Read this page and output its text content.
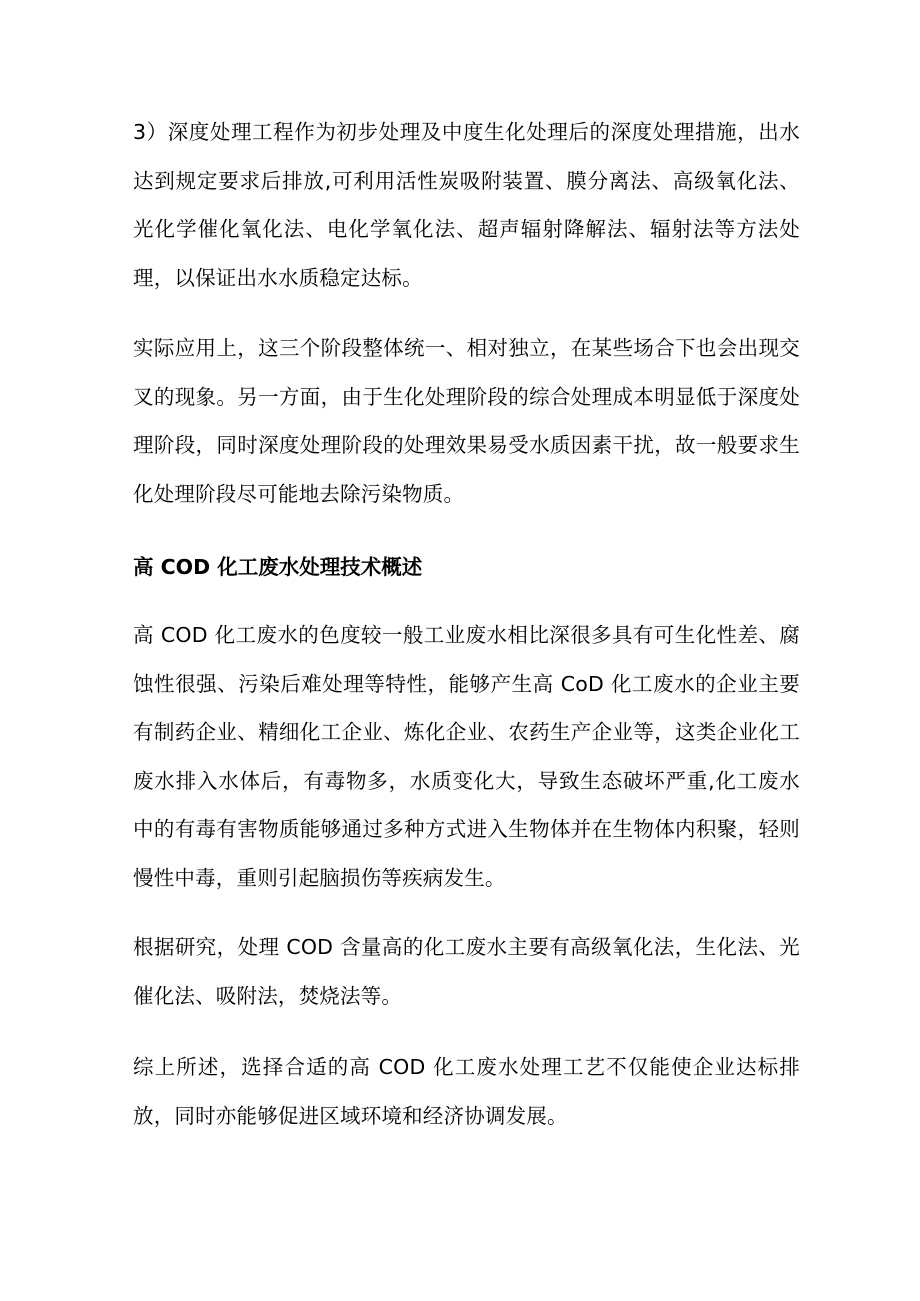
3）深度处理工程作为初步处理及中度生化处理后的深度处理措施，出水达到规定要求后排放,可利用活性炭吸附装置、膜分离法、高级氧化法、光化学催化氧化法、电化学氧化法、超声辐射降解法、辐射法等方法处理，以保证出水水质稳定达标。

实际应用上，这三个阶段整体统一、相对独立，在某些场合下也会出现交叉的现象。另一方面，由于生化处理阶段的综合处理成本明显低于深度处理阶段，同时深度处理阶段的处理效果易受水质因素干扰，故一般要求生化处理阶段尽可能地去除污染物质。

高 COD 化工废水处理技术概述

高 COD 化工废水的色度较一般工业废水相比深很多具有可生化性差、腐蚀性很强、污染后难处理等特性，能够产生高 CoD 化工废水的企业主要有制药企业、精细化工企业、炼化企业、农药生产企业等，这类企业化工废水排入水体后，有毒物多，水质变化大，导致生态破坏严重,化工废水中的有毒有害物质能够通过多种方式进入生物体并在生物体内积聚，轻则慢性中毒，重则引起脑损伤等疾病发生。

根据研究，处理 COD 含量高的化工废水主要有高级氧化法，生化法、光催化法、吸附法，焚烧法等。

综上所述，选择合适的高 COD 化工废水处理工艺不仅能使企业达标排放，同时亦能够促进区域环境和经济协调发展。
